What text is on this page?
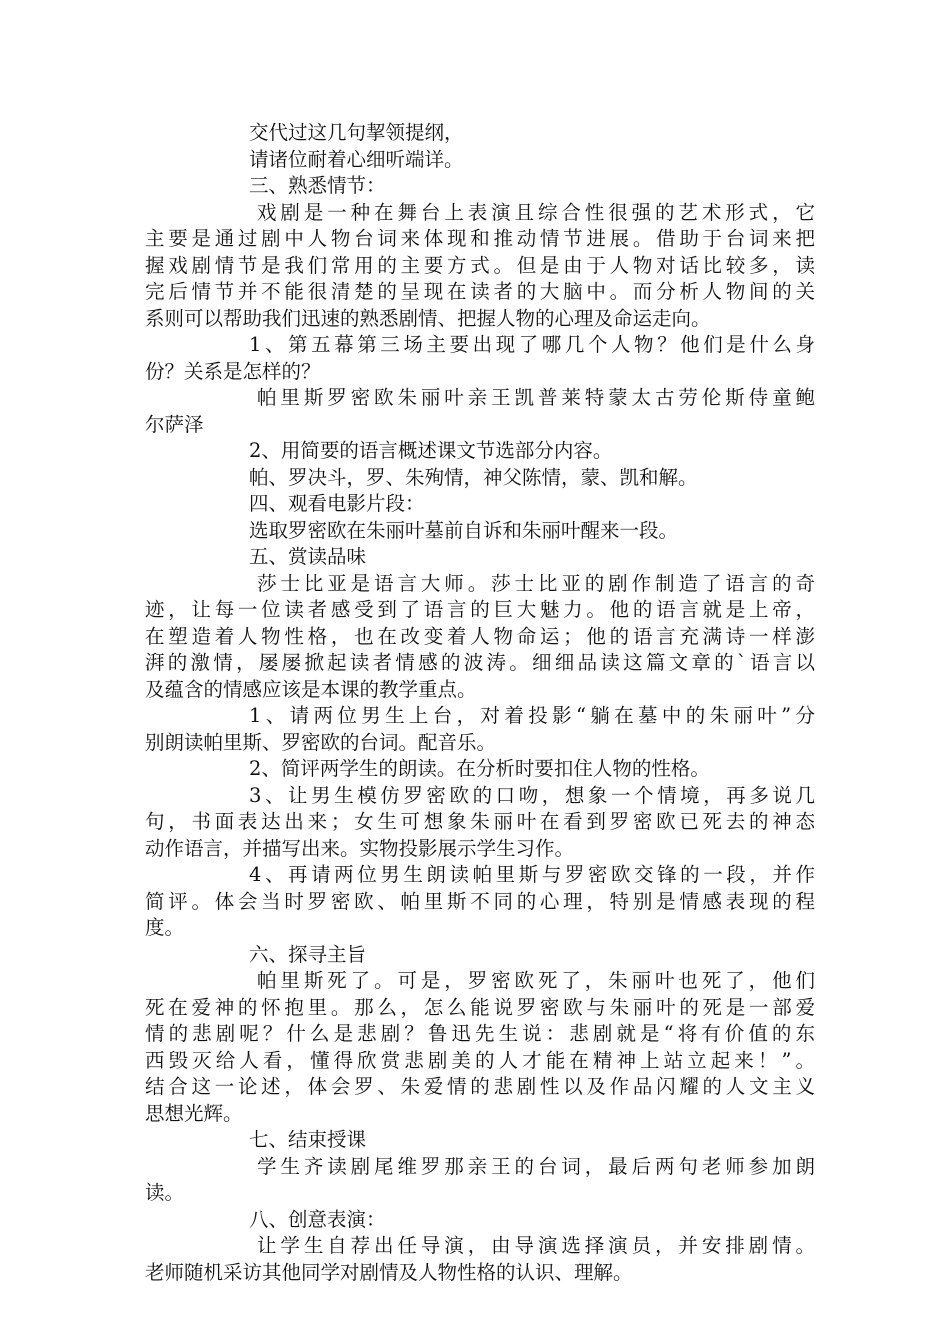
交代过这几句挈领提纲，
请诸位耐着心细听端详。
三、熟悉情节：
戏剧是一种在舞台上表演且综合性很强的艺术形式，它
主要是通过剧中人物台词来体现和推动情节进展。借助于台词来把
握戏剧情节是我们常用的主要方式。但是由于人物对话比较多，读
完后情节并不能很清楚的呈现在读者的大脑中。而分析人物间的关
系则可以帮助我们迅速的熟悉剧情、把握人物的心理及命运走向。
1、第五幕第三场主要出现了哪几个人物？他们是什么身
份？关系是怎样的？
帕里斯罗密欧朱丽叶亲王凯普莱特蒙太古劳伦斯侍童鲍
尔萨泽
2、用简要的语言概述课文节选部分内容。
帕、罗决斗，罗、朱殉情，神父陈情，蒙、凯和解。
四、观看电影片段：
选取罗密欧在朱丽叶墓前自诉和朱丽叶醒来一段。
五、赏读品味
莎士比亚是语言大师。莎士比亚的剧作制造了语言的奇
迹，让每一位读者感受到了语言的巨大魅力。他的语言就是上帝，
在塑造着人物性格，也在改变着人物命运；他的语言充满诗一样澎
湃的激情，屡屡掀起读者情感的波涛。细细品读这篇文章的`语言以
及蕴含的情感应该是本课的教学重点。
1、请两位男生上台，对着投影“躺在墓中的朱丽叶”分
别朗读帕里斯、罗密欧的台词。配音乐。
2、简评两学生的朗读。在分析时要扣住人物的性格。
3、让男生模仿罗密欧的口吻，想象一个情境，再多说几
句，书面表达出来；女生可想象朱丽叶在看到罗密欧已死去的神态
动作语言，并描写出来。实物投影展示学生习作。
4、再请两位男生朗读帕里斯与罗密欧交锋的一段，并作
简评。体会当时罗密欧、帕里斯不同的心理，特别是情感表现的程
度。
六、探寻主旨
帕里斯死了。可是，罗密欧死了，朱丽叶也死了，他们
死在爱神的怀抱里。那么，怎么能说罗密欧与朱丽叶的死是一部爱
情的悲剧呢？什么是悲剧？鲁迅先生说：悲剧就是“将有价值的东
西毁灭给人看，懂得欣赏悲剧美的人才能在精神上站立起来！”。
结合这一论述，体会罗、朱爱情的悲剧性以及作品闪耀的人文主义
思想光辉。
七、结束授课
学生齐读剧尾维罗那亲王的台词，最后两句老师参加朗
读。
八、创意表演：
让学生自荐出任导演，由导演选择演员，并安排剧情。
老师随机采访其他同学对剧情及人物性格的认识、理解。
